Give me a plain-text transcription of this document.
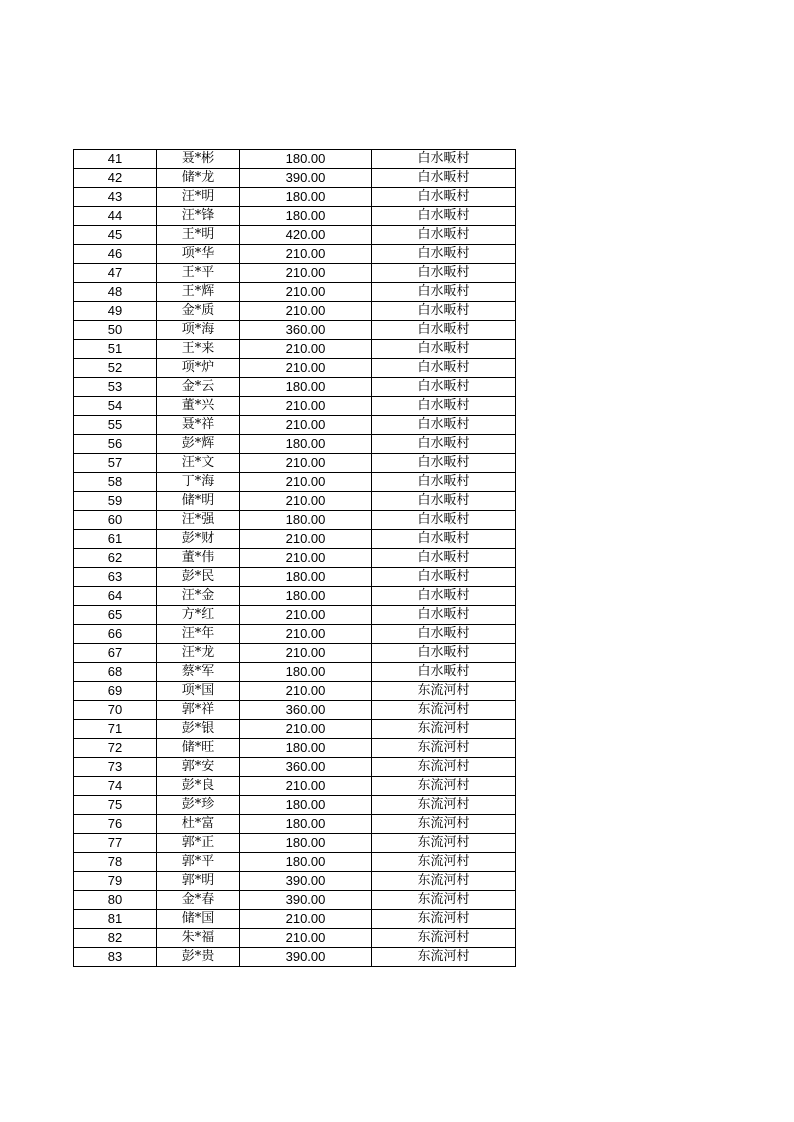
41	聂*彬	180.00	白水畈村
42	储*龙	390.00	白水畈村
43	汪*明	180.00	白水畈村
44	汪*锋	180.00	白水畈村
45	王*明	420.00	白水畈村
46	项*华	210.00	白水畈村
47	王*平	210.00	白水畈村
48	王*辉	210.00	白水畈村
49	金*质	210.00	白水畈村
50	项*海	360.00	白水畈村
51	王*来	210.00	白水畈村
52	项*炉	210.00	白水畈村
53	金*云	180.00	白水畈村
54	董*兴	210.00	白水畈村
55	聂*祥	210.00	白水畈村
56	彭*辉	180.00	白水畈村
57	汪*文	210.00	白水畈村
58	丁*海	210.00	白水畈村
59	储*明	210.00	白水畈村
60	汪*强	180.00	白水畈村
61	彭*财	210.00	白水畈村
62	董*伟	210.00	白水畈村
63	彭*民	180.00	白水畈村
64	汪*金	180.00	白水畈村
65	方*红	210.00	白水畈村
66	汪*年	210.00	白水畈村
67	汪*龙	210.00	白水畈村
68	蔡*军	180.00	白水畈村
69	项*国	210.00	东流河村
70	郭*祥	360.00	东流河村
71	彭*银	210.00	东流河村
72	储*旺	180.00	东流河村
73	郭*安	360.00	东流河村
74	彭*良	210.00	东流河村
75	彭*珍	180.00	东流河村
76	杜*富	180.00	东流河村
77	郭*正	180.00	东流河村
78	郭*平	180.00	东流河村
79	郭*明	390.00	东流河村
80	金*春	390.00	东流河村
81	储*国	210.00	东流河村
82	朱*福	210.00	东流河村
83	彭*贵	390.00	东流河村
